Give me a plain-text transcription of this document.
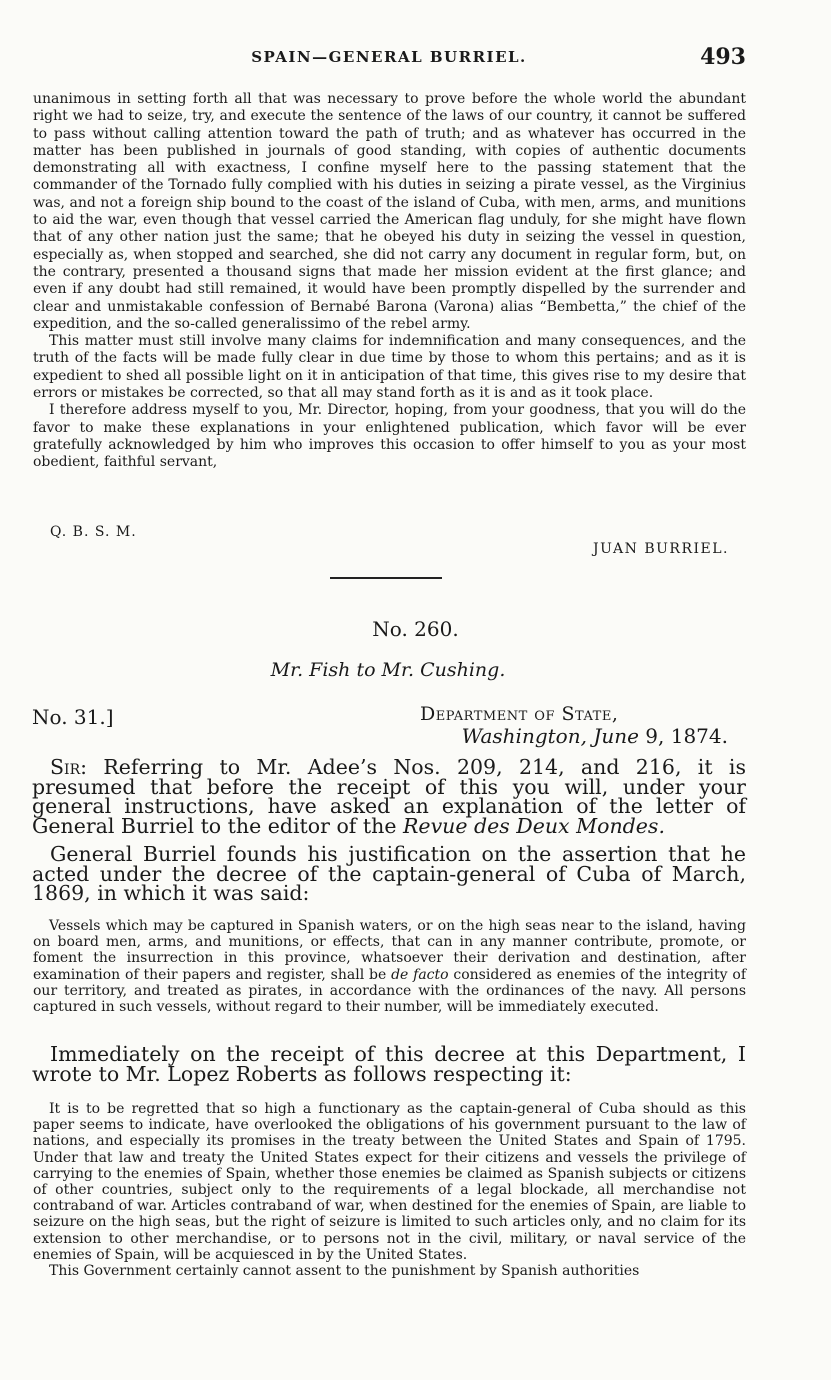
SPAIN—GENERAL BURRIEL.	493

unanimous in setting forth all that was necessary to prove before the whole world the abundant right we had to seize, try, and execute the sentence of the laws of our country, it cannot be suffered to pass without calling attention toward the path of truth; and as whatever has occurred in the matter has been published in journals of good standing, with copies of authentic documents demonstrating all with exactness, I confine myself here to the passing statement that the commander of the Tornado fully complied with his duties in seizing a pirate vessel, as the Virginius was, and not a foreign ship bound to the coast of the island of Cuba, with men, arms, and munitions to aid the war, even though that vessel carried the American flag unduly, for she might have flown that of any other nation just the same; that he obeyed his duty in seizing the vessel in question, especially as, when stopped and searched, she did not carry any document in regular form, but, on the contrary, presented a thousand signs that made her mission evident at the first glance; and even if any doubt had still remained, it would have been promptly dispelled by the surrender and clear and unmistakable confession of Bernabé Barona (Varona) alias “Bembetta,” the chief of the expedition, and the so-called generalissimo of the rebel army.

This matter must still involve many claims for indemnification and many consequences, and the truth of the facts will be made fully clear in due time by those to whom this pertains; and as it is expedient to shed all possible light on it in anticipation of that time, this gives rise to my desire that errors or mistakes be corrected, so that all may stand forth as it is and as it took place.

I therefore address myself to you, Mr. Director, hoping, from your goodness, that you will do the favor to make these explanations in your enlightened publication, which favor will be ever gratefully acknowledged by him who improves this occasion to offer himself to you as your most obedient, faithful servant,

Q. B. S. M.
JUAN BURRIEL.
No. 260.
Mr. Fish to Mr. Cushing.
No. 31.]	Department of State,
Washington, June 9, 1874.

Sir: Referring to Mr. Adee’s Nos. 209, 214, and 216, it is presumed that before the receipt of this you will, under your general instructions, have asked an explanation of the letter of General Burriel to the editor of the Revue des Deux Mondes.

General Burriel founds his justification on the assertion that he acted under the decree of the captain-general of Cuba of March, 1869, in which it was said:

Vessels which may be captured in Spanish waters, or on the high seas near to the island, having on board men, arms, and munitions, or effects, that can in any manner contribute, promote, or foment the insurrection in this province, whatsoever their derivation and destination, after examination of their papers and register, shall be de facto considered as enemies of the integrity of our territory, and treated as pirates, in accordance with the ordinances of the navy. All persons captured in such vessels, without regard to their number, will be immediately executed.

Immediately on the receipt of this decree at this Department, I wrote to Mr. Lopez Roberts as follows respecting it:

It is to be regretted that so high a functionary as the captain-general of Cuba should as this paper seems to indicate, have overlooked the obligations of his government pursuant to the law of nations, and especially its promises in the treaty between the United States and Spain of 1795. Under that law and treaty the United States expect for their citizens and vessels the privilege of carrying to the enemies of Spain, whether those enemies be claimed as Spanish subjects or citizens of other countries, subject only to the requirements of a legal blockade, all merchandise not contraband of war. Articles contraband of war, when destined for the enemies of Spain, are liable to seizure on the high seas, but the right of seizure is limited to such articles only, and no claim for its extension to other merchandise, or to persons not in the civil, military, or naval service of the enemies of Spain, will be acquiesced in by the United States.

This Government certainly cannot assent to the punishment by Spanish authorities
